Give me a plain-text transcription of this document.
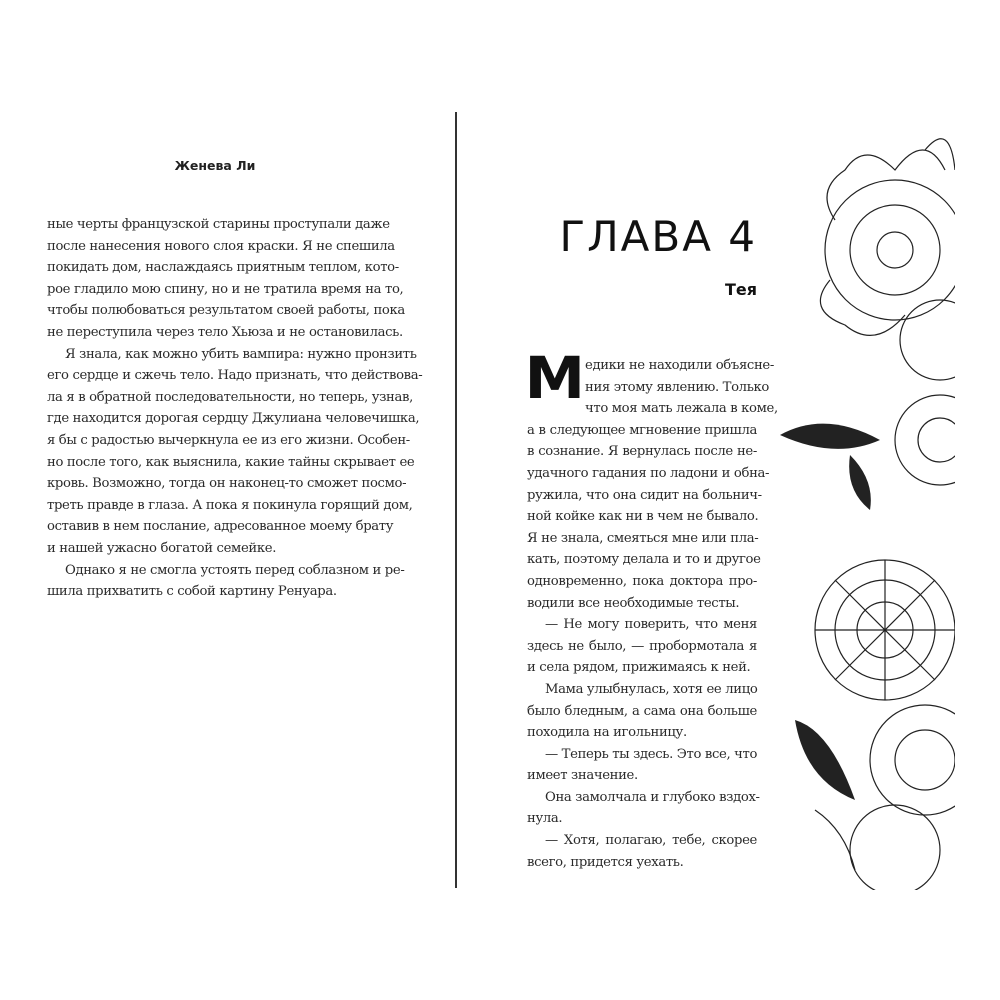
Женева Ли
ные черты французской старины проступали даже
после нанесения нового слоя краски. Я не спешила
покидать дом, наслаждаясь приятным теплом, кото-
рое гладило мою спину, но и не тратила время на то,
чтобы полюбоваться результатом своей работы, пока
не переступила через тело Хьюза и не остановилась.
Я знала, как можно убить вампира: нужно пронзить
его сердце и сжечь тело. Надо признать, что действова-
ла я в обратной последовательности, но теперь, узнав,
где находится дорогая сердцу Джулиана человечишка,
я бы с радостью вычеркнула ее из его жизни. Особен-
но после того, как выяснила, какие тайны скрывает ее
кровь. Возможно, тогда он наконец-то сможет посмо-
треть правде в глаза. А пока я покинула горящий дом,
оставив в нем послание, адресованное моему брату
и нашей ужасно богатой семейке.
Однако я не смогла устоять перед соблазном и ре-
шила прихватить с собой картину Ренуара.
ГЛАВА 4
Тея
М едики не находили объясне-
ния этому явлению. Только
что моя мать лежала в коме,
а в следующее мгновение пришла
в сознание. Я вернулась после не-
удачного гадания по ладони и обна-
ружила, что она сидит на больнич-
ной койке как ни в чем не бывало.
Я не знала, смеяться мне или пла-
кать, поэтому делала и то и другое
одновременно, пока доктора про-
водили все необходимые тесты.
— Не могу поверить, что меня
здесь не было, — пробормотала я
и села рядом, прижимаясь к ней.
Мама улыбнулась, хотя ее лицо
было бледным, а сама она больше
походила на игольницу.
— Теперь ты здесь. Это все, что
имеет значение.
Она замолчала и глубоко вздох-
нула.
— Хотя, полагаю, тебе, скорее
всего, придется уехать.
